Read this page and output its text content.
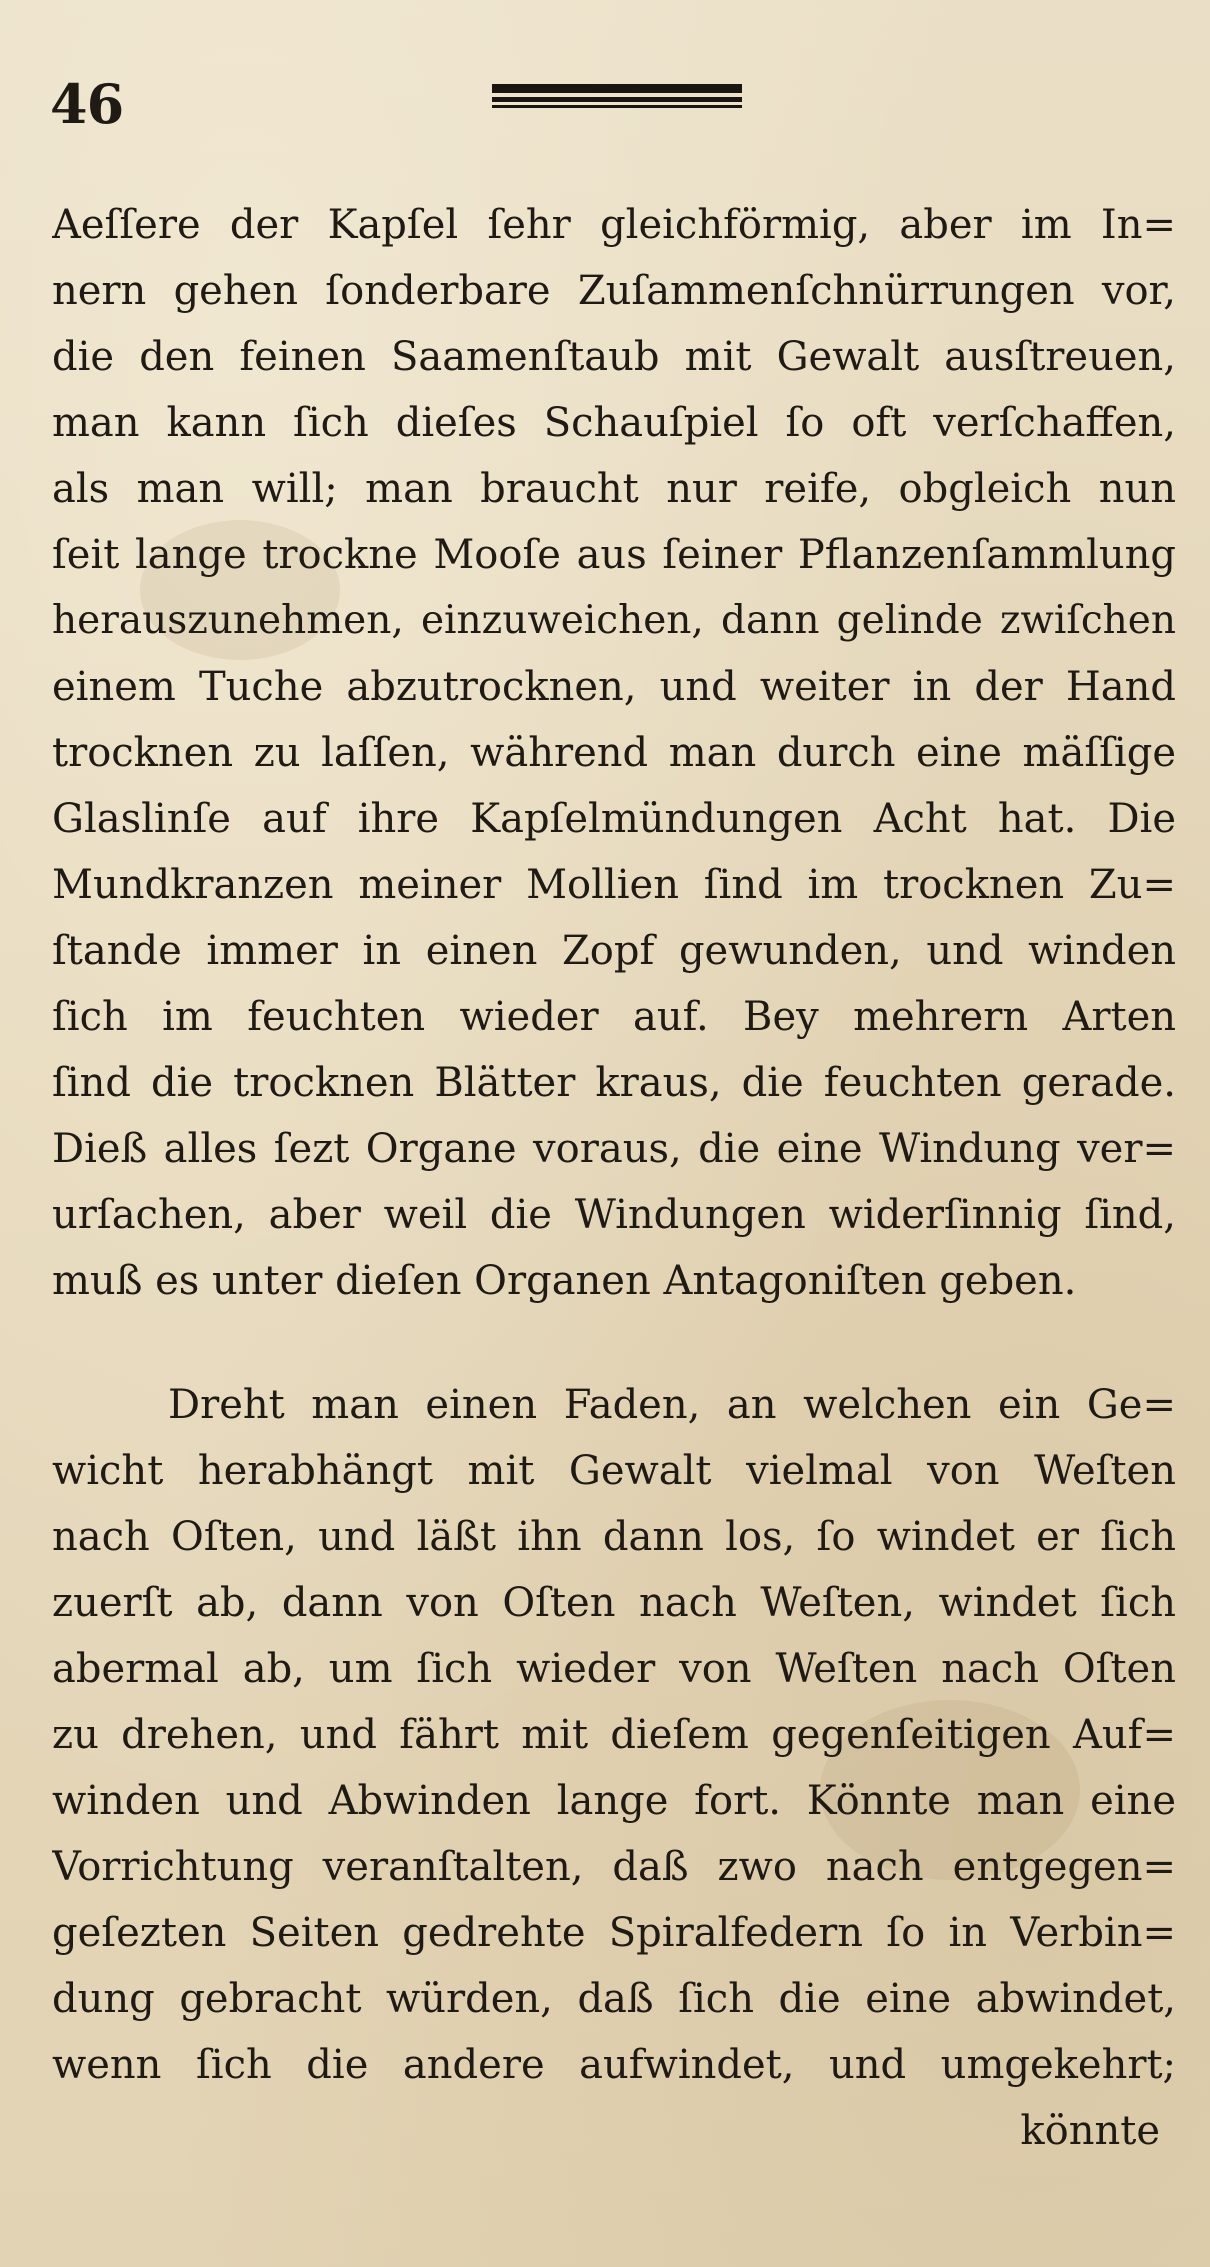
46
Aeſſere der Kapſel ſehr gleichförmig, aber im In=
nern gehen ſonderbare Zuſammenſchnürrungen vor,
die den feinen Saamenſtaub mit Gewalt ausſtreuen,
man kann ſich dieſes Schauſpiel ſo oft verſchaffen,
als man will; man braucht nur reife, obgleich nun
ſeit lange trockne Mooſe aus ſeiner Pflanzenſammlung
herauszunehmen, einzuweichen, dann gelinde zwiſchen
einem Tuche abzutrocknen, und weiter in der Hand
trocknen zu laſſen, während man durch eine mäſſige
Glaslinſe auf ihre Kapſelmündungen Acht hat. Die
Mundkranzen meiner Mollien ſind im trocknen Zu=
ſtande immer in einen Zopf gewunden, und winden
ſich im feuchten wieder auf. Bey mehrern Arten
ſind die trocknen Blätter kraus, die feuchten gerade.
Dieß alles ſezt Organe voraus, die eine Windung ver=
urſachen, aber weil die Windungen widerſinnig ſind,
muß es unter dieſen Organen Antagoniſten geben.
Dreht man einen Faden, an welchen ein Ge=
wicht herabhängt mit Gewalt vielmal von Weſten
nach Oſten, und läßt ihn dann los, ſo windet er ſich
zuerſt ab, dann von Oſten nach Weſten, windet ſich
abermal ab, um ſich wieder von Weſten nach Oſten
zu drehen, und fährt mit dieſem gegenſeitigen Auf=
winden und Abwinden lange fort. Könnte man eine
Vorrichtung veranſtalten, daß zwo nach entgegen=
geſezten Seiten gedrehte Spiralfedern ſo in Verbin=
dung gebracht würden, daß ſich die eine abwindet,
wenn ſich die andere aufwindet, und umgekehrt;
könnte
